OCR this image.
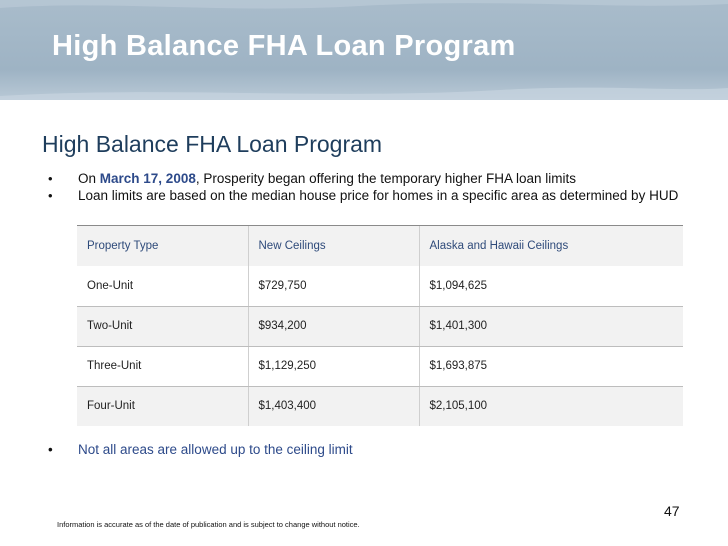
High Balance FHA Loan Program
High Balance FHA Loan Program
• On March 17, 2008, Prosperity began offering the temporary higher FHA loan limits
• Loan limits are based on the median house price for homes in a specific area as determined by HUD
Property Type	New Ceilings	Alaska and Hawaii Ceilings
One-Unit	$729,750	$1,094,625
Two-Unit	$934,200	$1,401,300
Three-Unit	$1,129,250	$1,693,875
Four-Unit	$1,403,400	$2,105,100
• Not all areas are allowed up to the ceiling limit
47
Information is accurate as of the date of publication and is subject to change without notice.
